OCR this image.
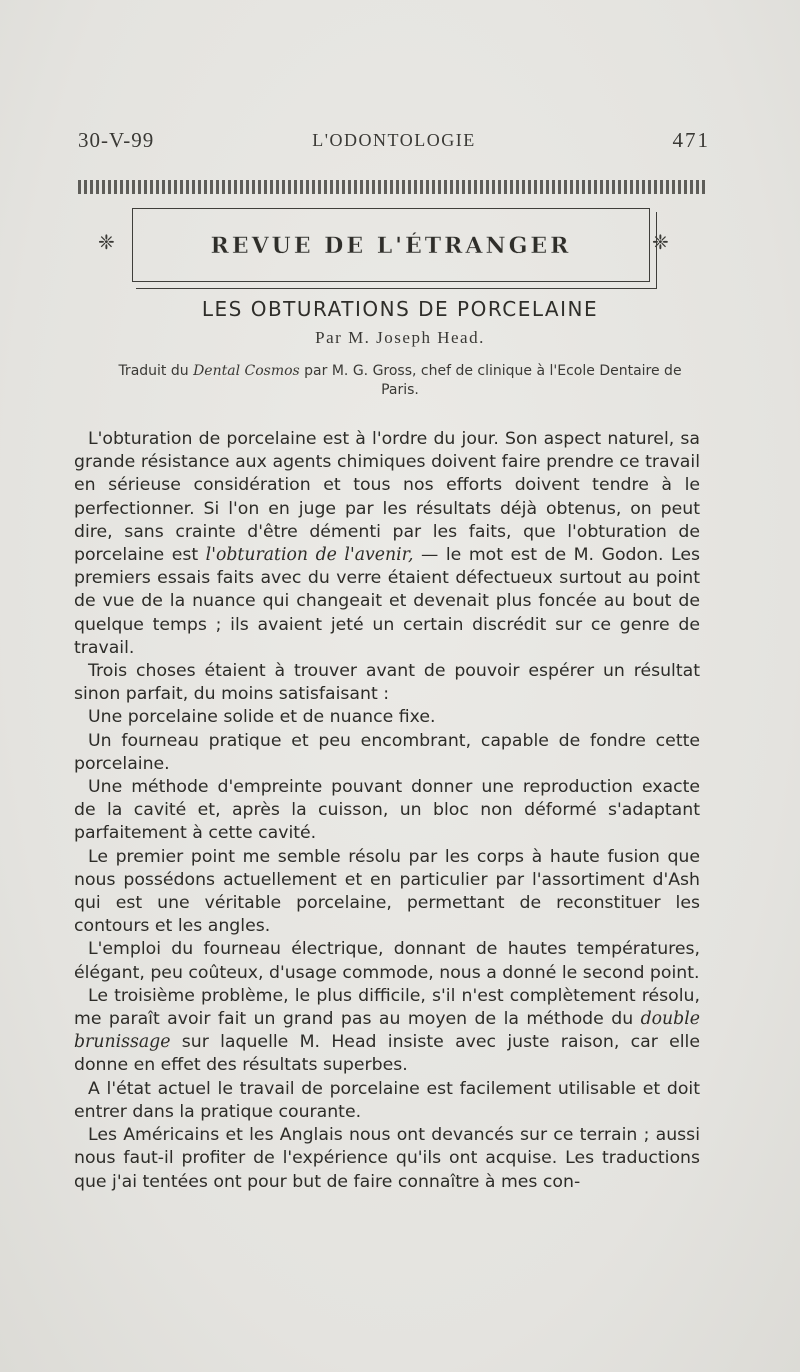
30-V-99	L'ODONTOLOGIE	471
❈	REVUE DE L'ÉTRANGER	❈
LES OBTURATIONS DE PORCELAINE
Par M. Joseph Head.
Traduit du Dental Cosmos par M. G. Gross, chef de clinique à l'Ecole Dentaire de Paris.

L'obturation de porcelaine est à l'ordre du jour. Son aspect naturel, sa grande résistance aux agents chimiques doivent faire prendre ce travail en sérieuse considération et tous nos efforts doivent tendre à le perfectionner. Si l'on en juge par les résultats déjà obtenus, on peut dire, sans crainte d'être démenti par les faits, que l'obturation de porcelaine est l'obturation de l'avenir, — le mot est de M. Godon. Les premiers essais faits avec du verre étaient défectueux surtout au point de vue de la nuance qui changeait et devenait plus foncée au bout de quelque temps ; ils avaient jeté un certain discrédit sur ce genre de travail.

Trois choses étaient à trouver avant de pouvoir espérer un résultat sinon parfait, du moins satisfaisant :

Une porcelaine solide et de nuance fixe.

Un fourneau pratique et peu encombrant, capable de fondre cette porcelaine.

Une méthode d'empreinte pouvant donner une reproduction exacte de la cavité et, après la cuisson, un bloc non déformé s'adaptant parfaitement à cette cavité.

Le premier point me semble résolu par les corps à haute fusion que nous possédons actuellement et en particulier par l'assortiment d'Ash qui est une véritable porcelaine, permettant de reconstituer les contours et les angles.

L'emploi du fourneau électrique, donnant de hautes températures, élégant, peu coûteux, d'usage commode, nous a donné le second point.

Le troisième problème, le plus difficile, s'il n'est complètement résolu, me paraît avoir fait un grand pas au moyen de la méthode du double brunissage sur laquelle M. Head insiste avec juste raison, car elle donne en effet des résultats superbes.

A l'état actuel le travail de porcelaine est facilement utilisable et doit entrer dans la pratique courante.

Les Américains et les Anglais nous ont devancés sur ce terrain ; aussi nous faut-il profiter de l'expérience qu'ils ont acquise. Les traductions que j'ai tentées ont pour but de faire connaître à mes con-
